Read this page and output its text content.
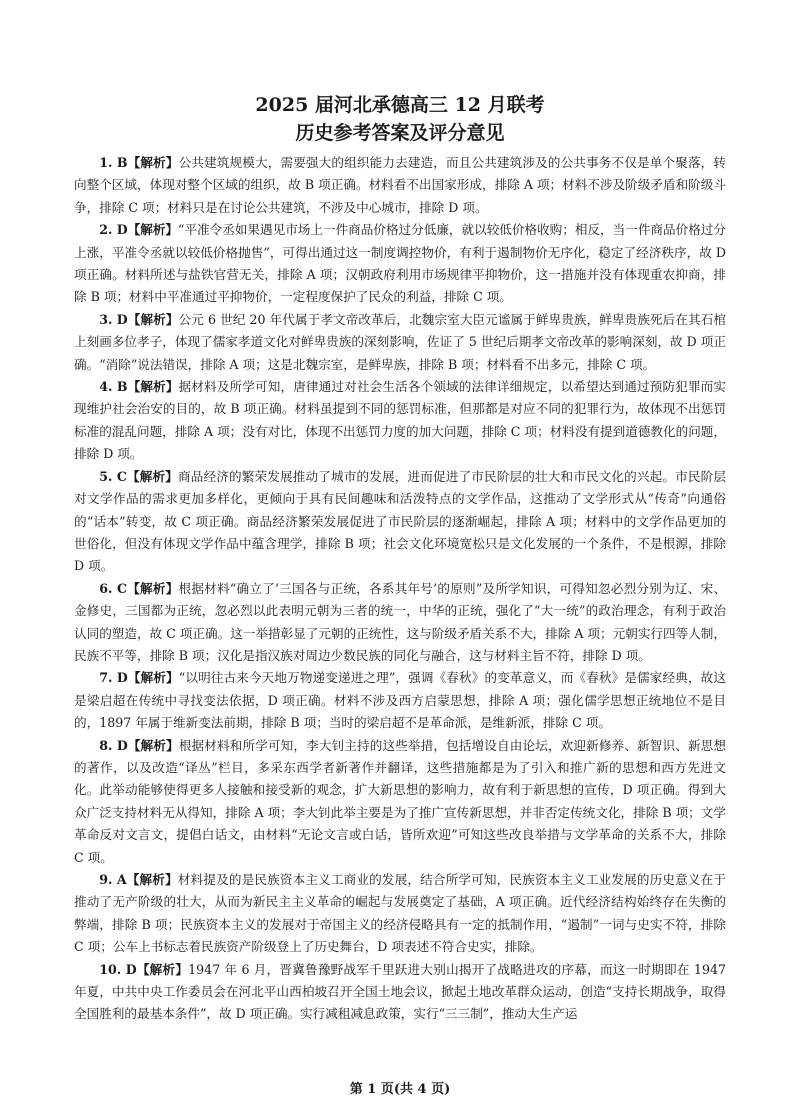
2025 届河北承德高三 12 月联考
历史参考答案及评分意见

1. B【解析】公共建筑规模大，需要强大的组织能力去建造，而且公共建筑涉及的公共事务不仅是单个聚落，转向整个区域，体现对整个区域的组织，故 B 项正确。材料看不出国家形成，排除 A 项；材料不涉及阶级矛盾和阶级斗争，排除 C 项；材料只是在讨论公共建筑，不涉及中心城市，排除 D 项。

2. D【解析】“平准令丞如果遇见市场上一件商品价格过分低廉，就以较低价格收购；相反，当一件商品价格过分上涨，平准令丞就以较低价格抛售”，可得出通过这一制度调控物价，有利于遏制物价无序化，稳定了经济秩序，故 D 项正确。材料所述与盐铁官营无关，排除 A 项；汉朝政府利用市场规律平抑物价，这一措施并没有体现重农抑商，排除 B 项；材料中平准通过平抑物价，一定程度保护了民众的利益，排除 C 项。

3. D【解析】公元 6 世纪 20 年代属于孝文帝改革后，北魏宗室大臣元谧属于鲜卑贵族，鲜卑贵族死后在其石棺上刻画多位孝子，体现了儒家孝道文化对鲜卑贵族的深刻影响，佐证了 5 世纪后期孝文帝改革的影响深刻，故 D 项正确。“消除”说法错误，排除 A 项；这是北魏宗室，是鲜卑族，排除 B 项；材料看不出多元，排除 C 项。

4. B【解析】据材料及所学可知，唐律通过对社会生活各个领域的法律详细规定，以希望达到通过预防犯罪而实现维护社会治安的目的，故 B 项正确。材料虽提到不同的惩罚标准，但那都是对应不同的犯罪行为，故体现不出惩罚标准的混乱问题，排除 A 项；没有对比，体现不出惩罚力度的加大问题，排除 C 项；材料没有提到道德教化的问题，排除 D 项。

5. C【解析】商品经济的繁荣发展推动了城市的发展，进而促进了市民阶层的壮大和市民文化的兴起。市民阶层对文学作品的需求更加多样化，更倾向于具有民间趣味和活泼特点的文学作品，这推动了文学形式从“传奇”向通俗的“话本”转变，故 C 项正确。商品经济繁荣发展促进了市民阶层的逐渐崛起，排除 A 项；材料中的文学作品更加的世俗化，但没有体现文学作品中蕴含理学，排除 B 项；社会文化环境宽松只是文化发展的一个条件，不是根源，排除 D 项。

6. C【解析】根据材料“确立了‘三国各与正统，各系其年号’的原则”及所学知识，可得知忽必烈分别为辽、宋、金修史，三国都为正统，忽必烈以此表明元朝为三者的统一，中华的正统，强化了“大一统”的政治理念，有利于政治认同的塑造，故 C 项正确。这一举措彰显了元朝的正统性，这与阶级矛盾关系不大，排除 A 项；元朝实行四等人制，民族不平等，排除 B 项；汉化是指汉族对周边少数民族的同化与融合，这与材料主旨不符，排除 D 项。

7. D【解析】“以明往古来今天地万物递变递进之理”，强调《春秋》的变革意义，而《春秋》是儒家经典，故这是梁启超在传统中寻找变法依据，D 项正确。材料不涉及西方启蒙思想，排除 A 项；强化儒学思想正统地位不是目的，1897 年属于维新变法前期，排除 B 项；当时的梁启超不是革命派，是维新派，排除 C 项。

8. D【解析】根据材料和所学可知，李大钊主持的这些举措，包括增设自由论坛，欢迎新修养、新智识、新思想的著作，以及改造“译丛”栏目，多采东西学者新著作并翻译，这些措施都是为了引入和推广新的思想和西方先进文化。此举动能够使得更多人接触和接受新的观念，扩大新思想的影响力，故有利于新思想的宣传，D 项正确。得到大众广泛支持材料无从得知，排除 A 项；李大钊此举主要是为了推广宣传新思想，并非否定传统文化，排除 B 项；文学革命反对文言文，提倡白话文，由材料“无论文言或白话，皆所欢迎”可知这些改良举措与文学革命的关系不大，排除 C 项。

9. A【解析】材料提及的是民族资本主义工商业的发展，结合所学可知，民族资本主义工业发展的历史意义在于推动了无产阶级的壮大，从而为新民主主义革命的崛起与发展奠定了基础，A 项正确。近代经济结构始终存在失衡的弊端，排除 B 项；民族资本主义的发展对于帝国主义的经济侵略具有一定的抵制作用，“遏制”一词与史实不符，排除 C 项；公车上书标志着民族资产阶级登上了历史舞台，D 项表述不符合史实，排除。

10. D【解析】1947 年 6 月，晋冀鲁豫野战军千里跃进大别山揭开了战略进攻的序幕，而这一时期即在 1947 年夏，中共中央工作委员会在河北平山西柏坡召开全国土地会议，掀起土地改革群众运动，创造“支持长期战争，取得全国胜利的最基本条件”，故 D 项正确。实行减租减息政策，实行“三三制”，推动大生产运

第 1 页(共 4 页)
